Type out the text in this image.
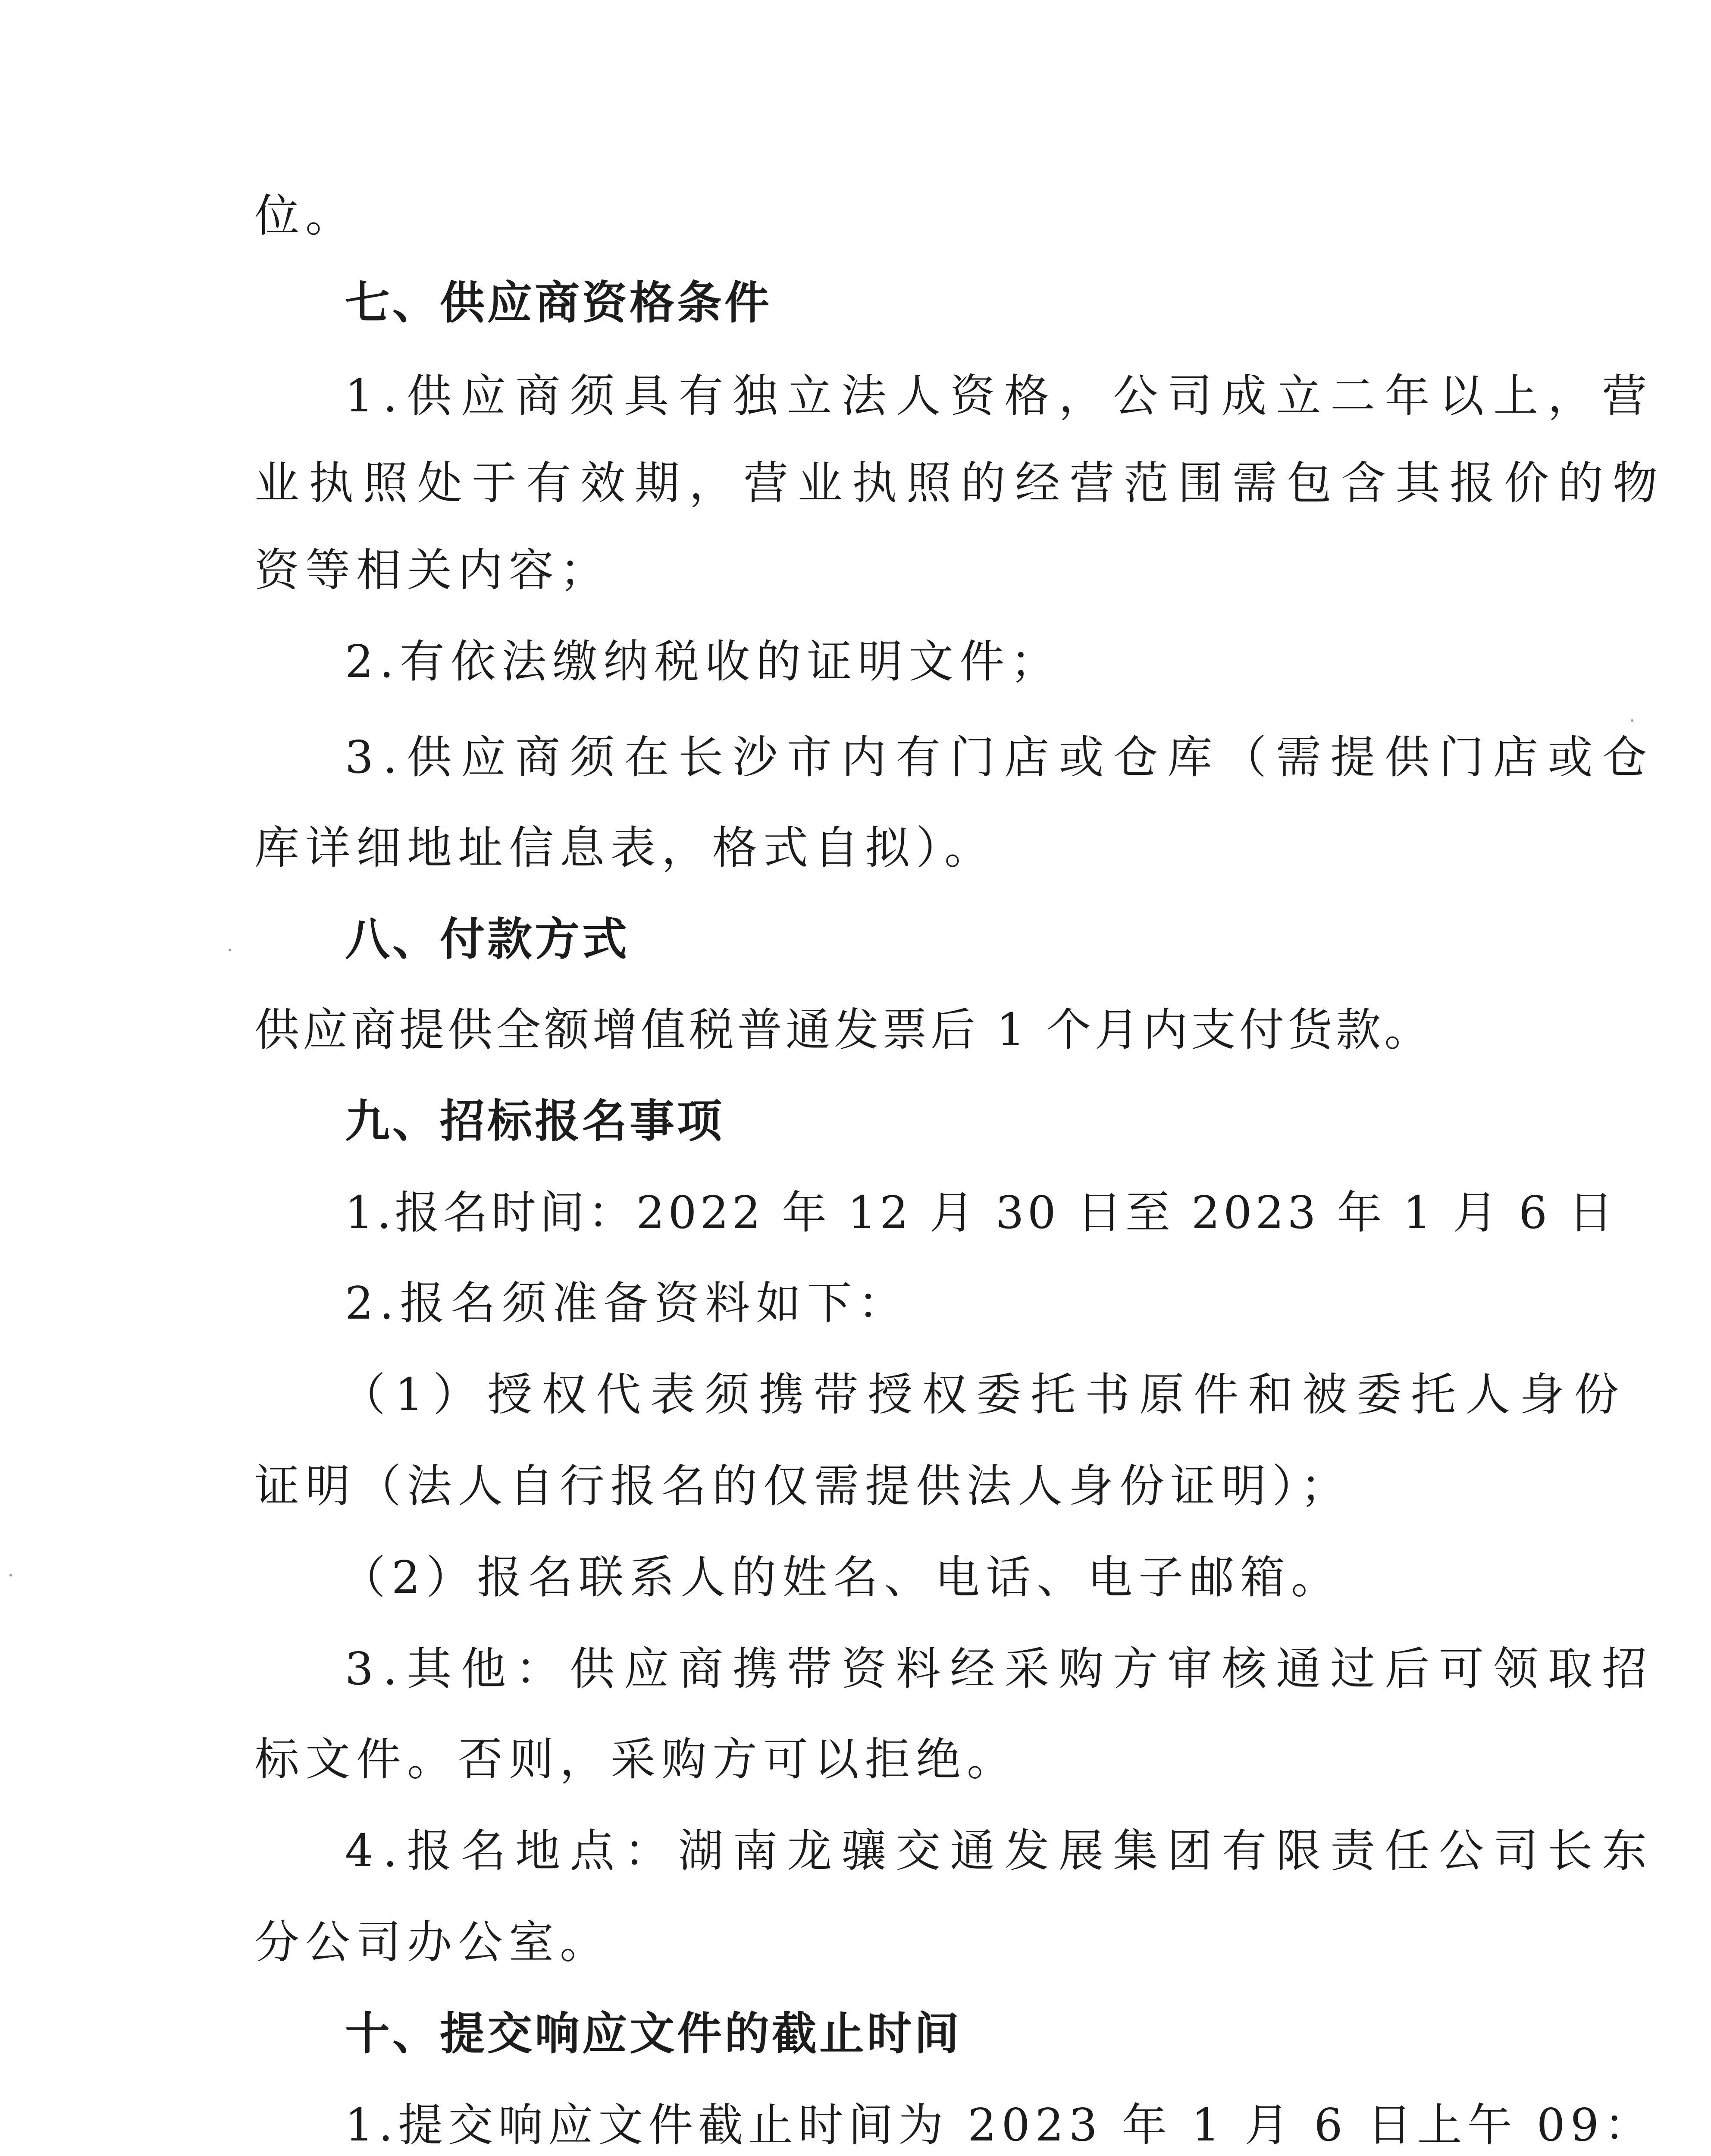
位。

七、供应商资格条件

1.供应商须具有独立法人资格，公司成立二年以上，营

业执照处于有效期，营业执照的经营范围需包含其报价的物

资等相关内容；

2.有依法缴纳税收的证明文件；

3.供应商须在长沙市内有门店或仓库（需提供门店或仓

库详细地址信息表，格式自拟）。

八、付款方式

供应商提供全额增值税普通发票后 1 个月内支付货款。

九、招标报名事项

1.报名时间：2022 年 12 月 30 日至 2023 年 1 月 6 日

2.报名须准备资料如下：

（1）授权代表须携带授权委托书原件和被委托人身份

证明（法人自行报名的仅需提供法人身份证明）；

（2）报名联系人的姓名、电话、电子邮箱。

3.其他：供应商携带资料经采购方审核通过后可领取招

标文件。否则，采购方可以拒绝。

4.报名地点：湖南龙骧交通发展集团有限责任公司长东

分公司办公室。

十、提交响应文件的截止时间

1.提交响应文件截止时间为 2023 年 1 月 6 日上午 09：
